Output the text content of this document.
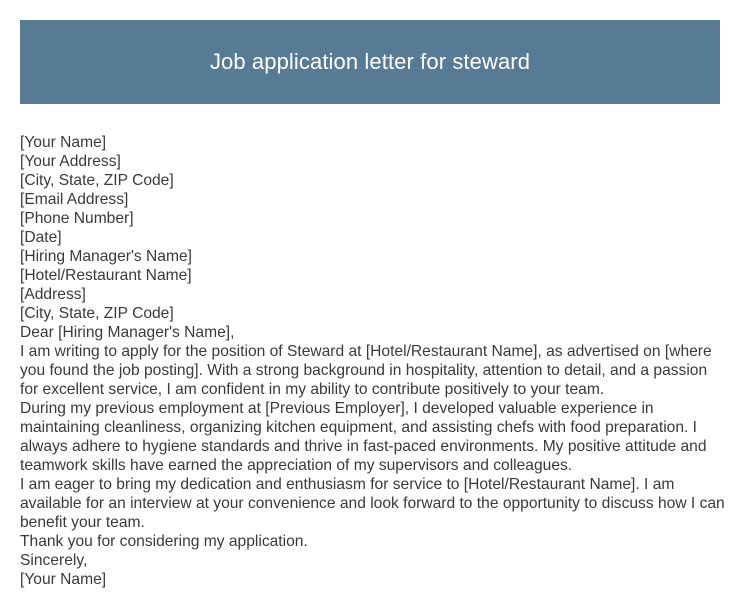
Job application letter for steward
[Your Name]
[Your Address]
[City, State, ZIP Code]
[Email Address]
[Phone Number]
[Date]
[Hiring Manager's Name]
[Hotel/Restaurant Name]
[Address]
[City, State, ZIP Code]
Dear [Hiring Manager's Name],
I am writing to apply for the position of Steward at [Hotel/Restaurant Name], as advertised on [where you found the job posting]. With a strong background in hospitality, attention to detail, and a passion for excellent service, I am confident in my ability to contribute positively to your team.
During my previous employment at [Previous Employer], I developed valuable experience in maintaining cleanliness, organizing kitchen equipment, and assisting chefs with food preparation. I always adhere to hygiene standards and thrive in fast-paced environments. My positive attitude and teamwork skills have earned the appreciation of my supervisors and colleagues.
I am eager to bring my dedication and enthusiasm for service to [Hotel/Restaurant Name]. I am available for an interview at your convenience and look forward to the opportunity to discuss how I can benefit your team.
Thank you for considering my application.
Sincerely,
[Your Name]
